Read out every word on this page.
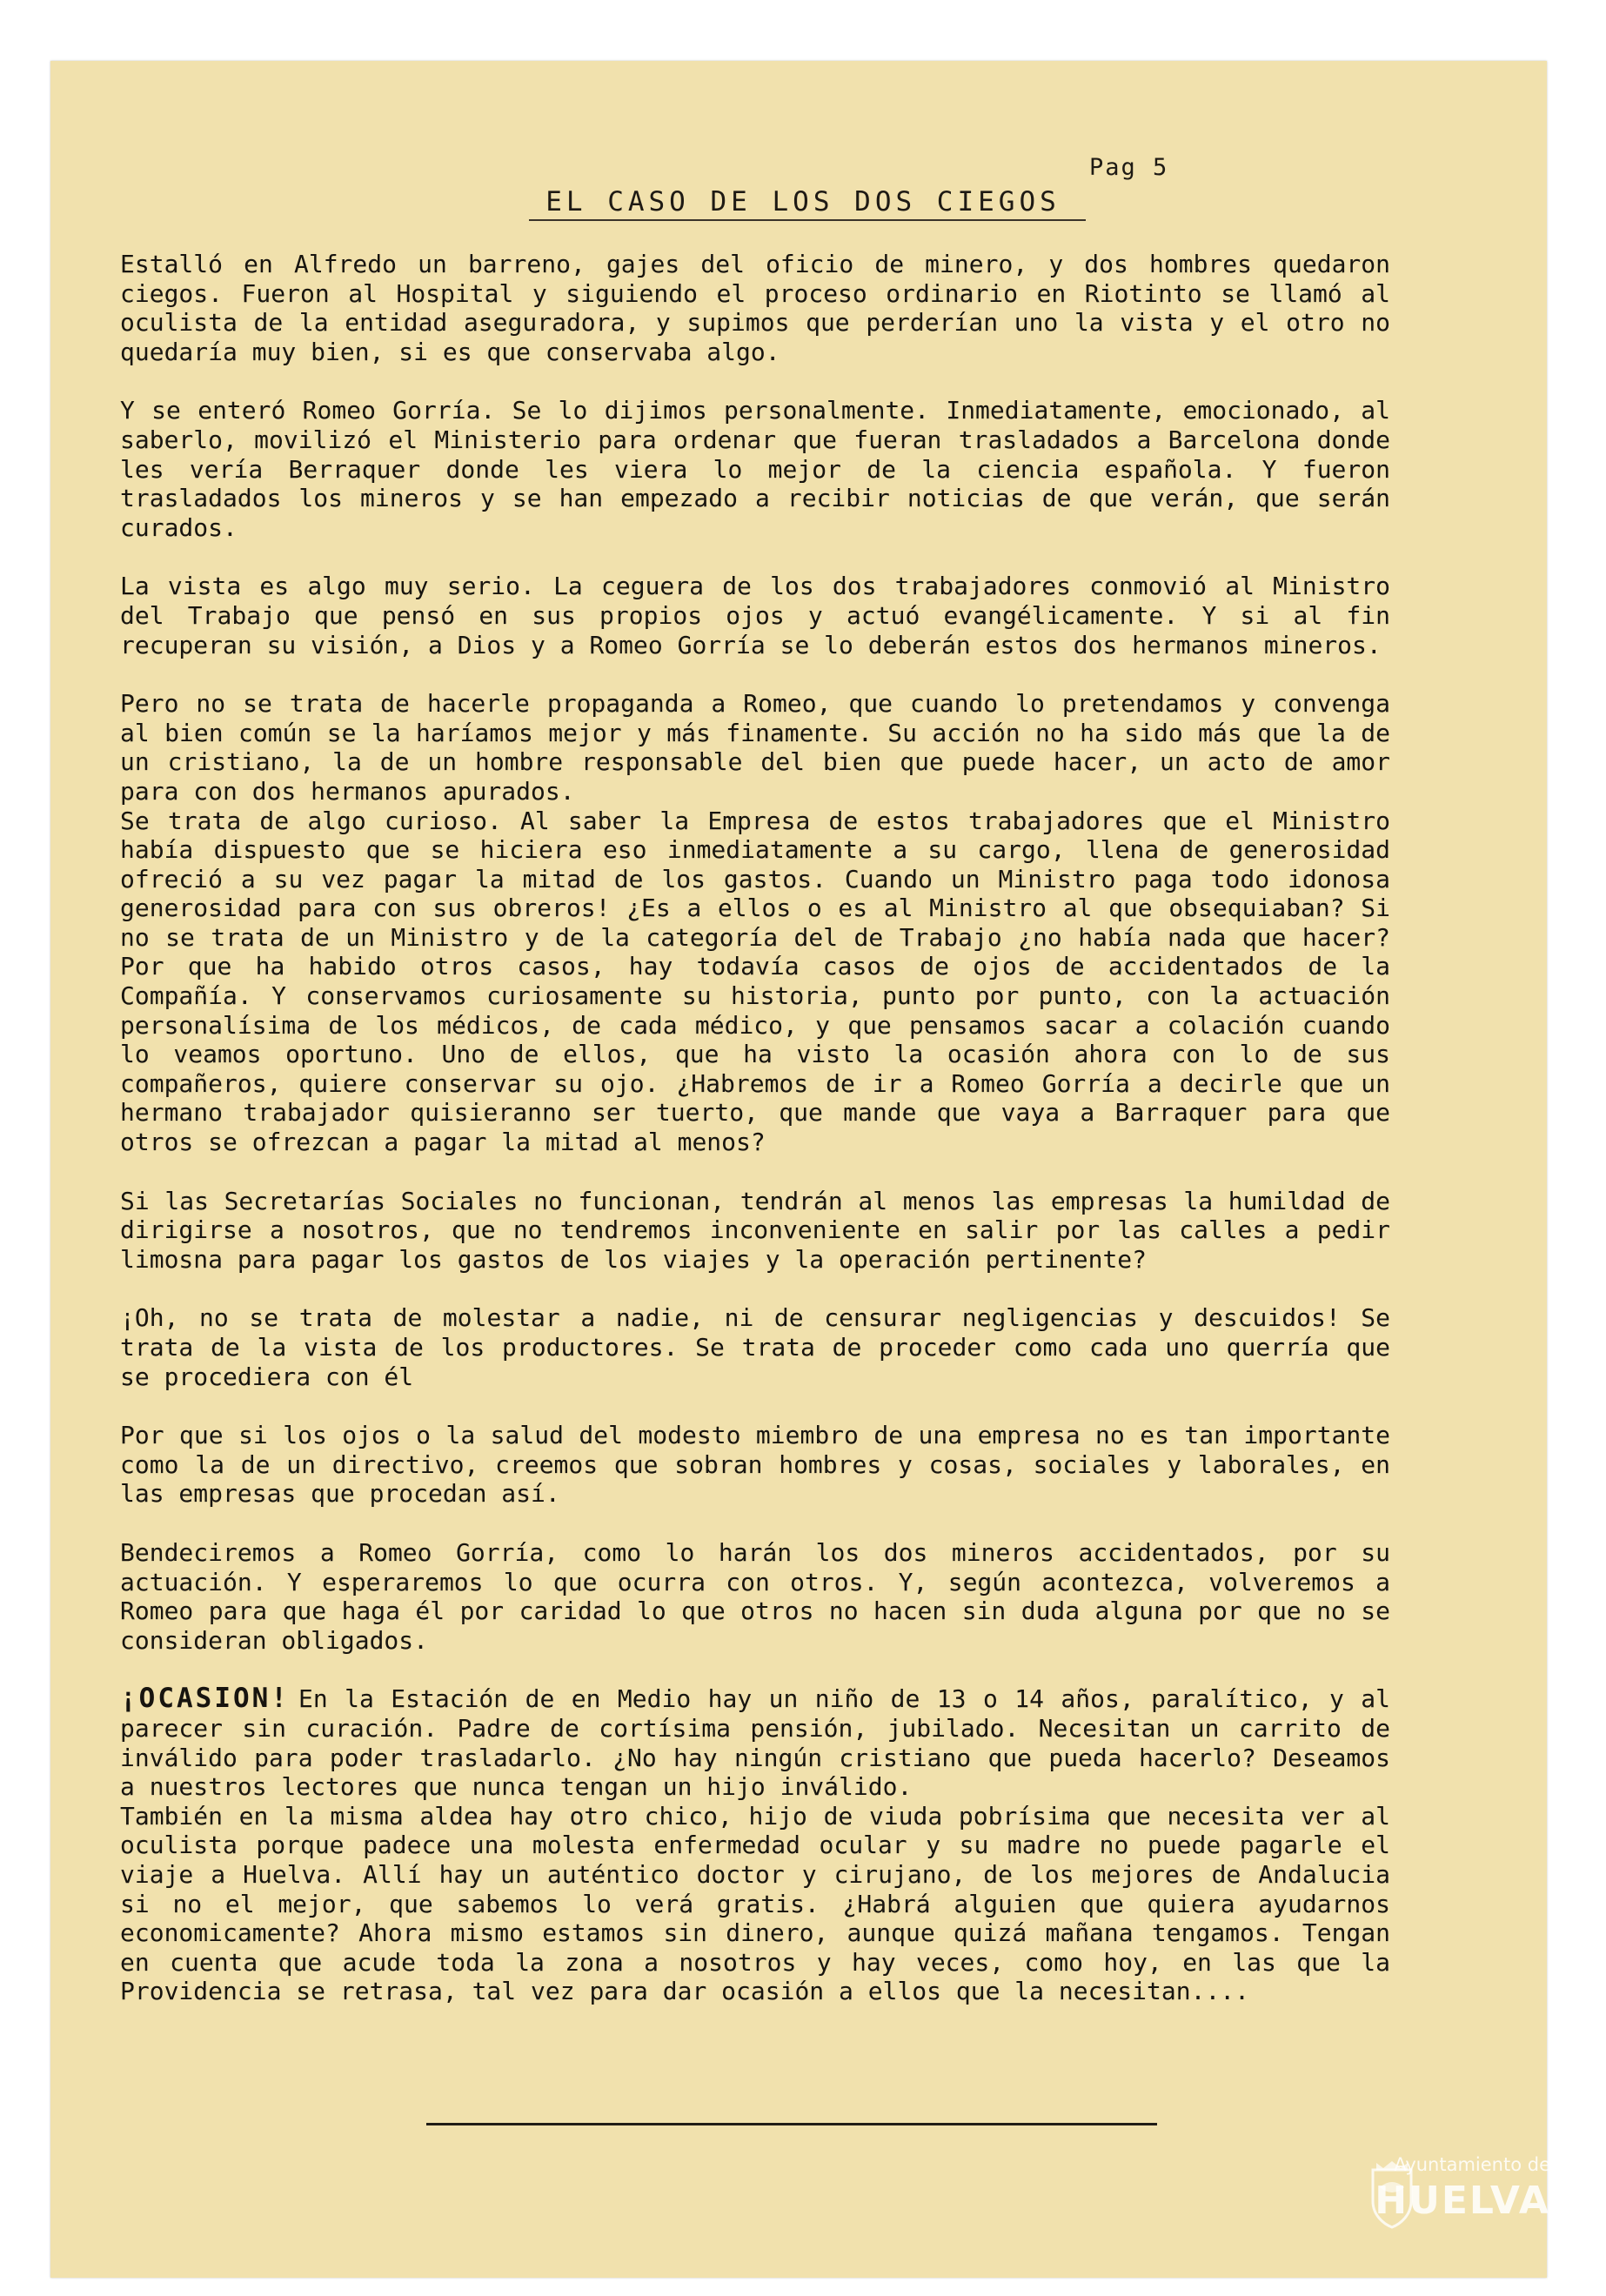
Pag 5
EL CASO DE LOS DOS CIEGOS

Estalló en Alfredo un barreno, gajes del oficio de minero, y dos hombres quedaron ciegos. Fueron al Hospital y siguiendo el proceso ordinario en Riotinto se llamó al oculista de la entidad aseguradora, y supimos que perderían uno la vista y el otro no quedaría muy bien, si es que conservaba algo.

Y se enteró Romeo Gorría. Se lo dijimos personalmente. Inmediatamente, emocionado, al saberlo, movilizó el Ministerio para ordenar que fueran trasladados a Barcelona donde les vería Berraquer donde les viera lo mejor de la ciencia española. Y fueron trasladados los mineros y se han empezado a recibir noticias de que verán, que serán curados.

La vista es algo muy serio. La ceguera de los dos trabajadores conmovió al Ministro del Trabajo que pensó en sus propios ojos y actuó evangélicamente. Y si al fin recuperan su visión, a Dios y a Romeo Gorría se lo deberán estos dos hermanos mineros.

Pero no se trata de hacerle propaganda a Romeo, que cuando lo pretendamos y convenga al bien común se la haríamos mejor y más finamente. Su acción no ha sido más que la de un cristiano, la de un hombre responsable del bien que puede hacer, un acto de amor para con dos hermanos apurados.

Se trata de algo curioso. Al saber la Empresa de estos trabajadores que el Ministro había dispuesto que se hiciera eso inmediatamente a su cargo, llena de generosidad ofreció a su vez pagar la mitad de los gastos. Cuando un Ministro paga todo idonosa generosidad para con sus obreros! ¿Es a ellos o es al Ministro al que obsequiaban? Si no se trata de un Ministro y de la categoría del de Trabajo ¿no había nada que hacer? Por que ha habido otros casos, hay todavía casos de ojos de accidentados de la Compañía. Y conservamos curiosamente su historia, punto por punto, con la actuación personalísima de los médicos, de cada médico, y que pensamos sacar a colación cuando lo veamos oportuno. Uno de ellos, que ha visto la ocasión ahora con lo de sus compañeros, quiere conservar su ojo. ¿Habremos de ir a Romeo Gorría a decirle que un hermano trabajador quisieranno ser tuerto, que mande que vaya a Barraquer para que otros se ofrezcan a pagar la mitad al menos?

Si las Secretarías Sociales no funcionan, tendrán al menos las empresas la humildad de dirigirse a nosotros, que no tendremos inconveniente en salir por las calles a pedir limosna para pagar los gastos de los viajes y la operación pertinente?

¡Oh, no se trata de molestar a nadie, ni de censurar negligencias y descuidos! Se trata de la vista de los productores. Se trata de proceder como cada uno querría que se procediera con él

Por que si los ojos o la salud del modesto miembro de una empresa no es tan importante como la de un directivo, creemos que sobran hombres y cosas, sociales y laborales, en las empresas que procedan así.

Bendeciremos a Romeo Gorría, como lo harán los dos mineros accidentados, por su actuación. Y esperaremos lo que ocurra con otros. Y, según acontezca, volveremos a Romeo para que haga él por caridad lo que otros no hacen sin duda alguna por que no se consideran obligados.

¡OCASION! En la Estación de en Medio hay un niño de 13 o 14 años, paralítico, y al parecer sin curación. Padre de cortísima pensión, jubilado. Necesitan un carrito de inválido para poder trasladarlo. ¿No hay ningún cristiano que pueda hacerlo? Deseamos a nuestros lectores que nunca tengan un hijo inválido.

También en la misma aldea hay otro chico, hijo de viuda pobrísima que necesita ver al oculista porque padece una molesta enfermedad ocular y su madre no puede pagarle el viaje a Huelva. Allí hay un auténtico doctor y cirujano, de los mejores de Andalucia si no el mejor, que sabemos lo verá gratis. ¿Habrá alguien que quiera ayudarnos economicamente? Ahora mismo estamos sin dinero, aunque quizá mañana tengamos. Tengan en cuenta que acude toda la zona a nosotros y hay veces, como hoy, en las que la Providencia se retrasa, tal vez para dar ocasión a ellos que la necesitan....

Ayuntamiento de
HUELVA
